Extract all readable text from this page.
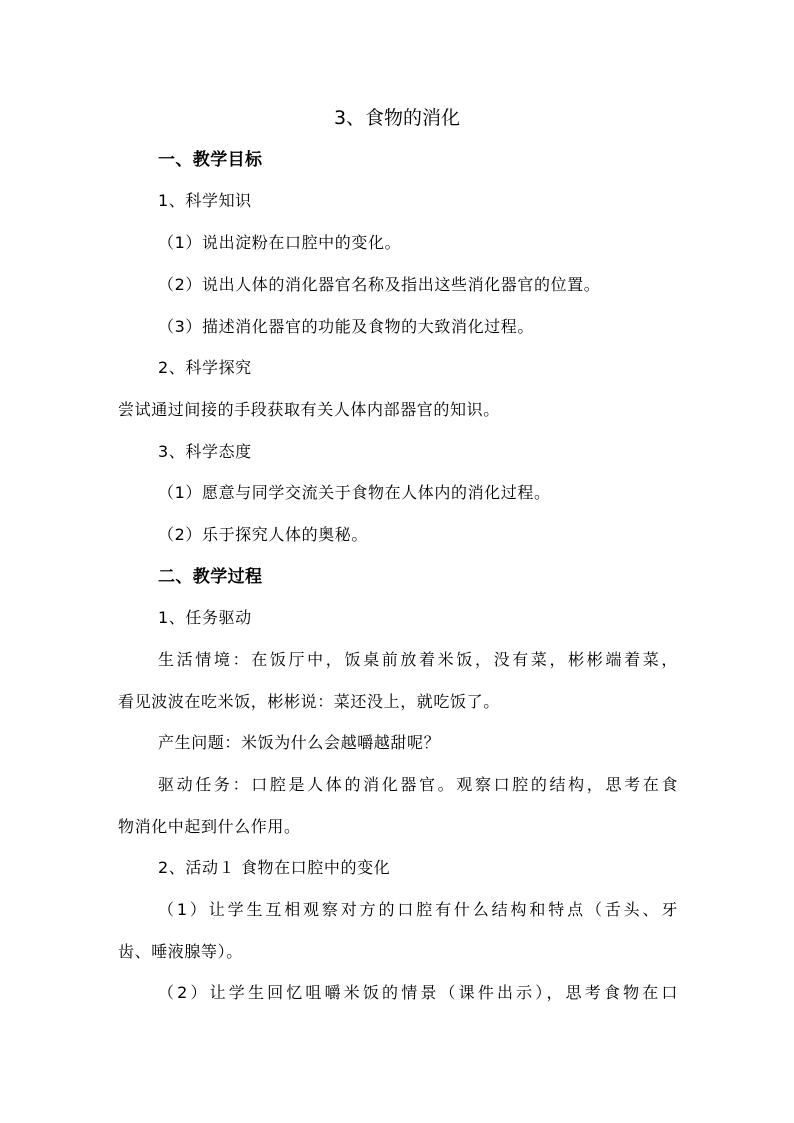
3、食物的消化
一、教学目标
1、科学知识
（1）说出淀粉在口腔中的变化。
（2）说出人体的消化器官名称及指出这些消化器官的位置。
（3）描述消化器官的功能及食物的大致消化过程。
2、科学探究
尝试通过间接的手段获取有关人体内部器官的知识。
3、科学态度
（1）愿意与同学交流关于食物在人体内的消化过程。
（2）乐于探究人体的奥秘。
二、教学过程
1、任务驱动
生活情境：在饭厅中，饭桌前放着米饭，没有菜，彬彬端着菜，
看见波波在吃米饭，彬彬说：菜还没上，就吃饭了。
产生问题：米饭为什么会越嚼越甜呢？
驱动任务：口腔是人体的消化器官。观察口腔的结构，思考在食
物消化中起到什么作用。
2、活动１ 食物在口腔中的变化
（1）让学生互相观察对方的口腔有什么结构和特点（舌头、牙
齿、唾液腺等）。
（2）让学生回忆咀嚼米饭的情景（课件出示），思考食物在口
